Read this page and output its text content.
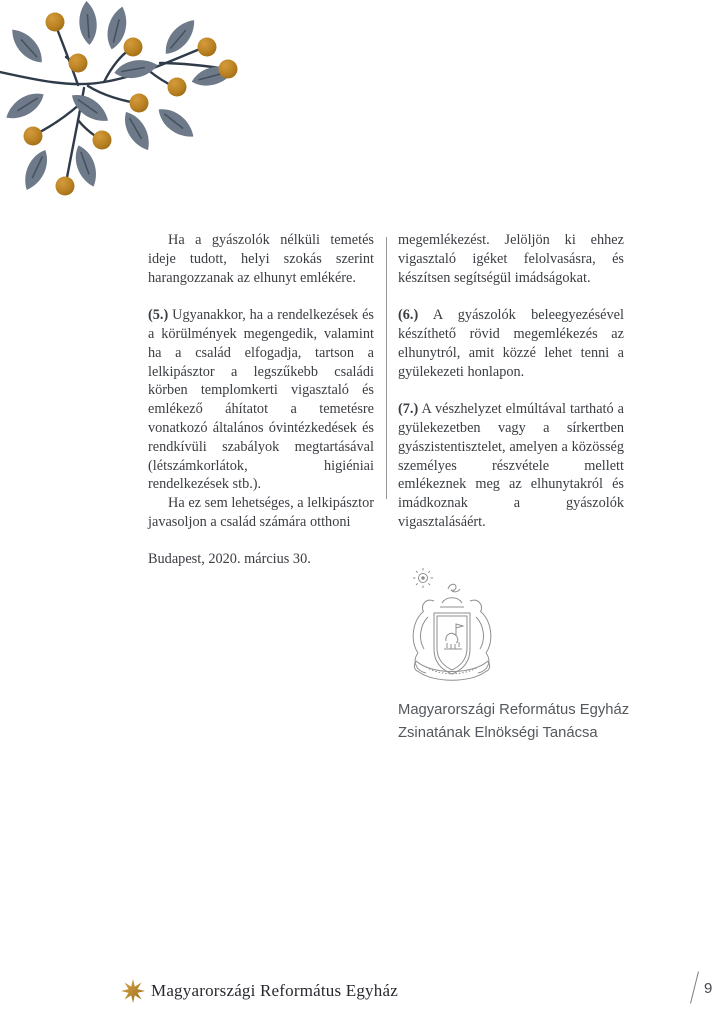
Ha a gyászolók nélküli temetés ideje tudott, helyi szokás szerint harangozzanak az elhunyt emlékére.

(5.) Ugyanakkor, ha a rendelkezések és a körülmények megengedik, valamint ha a család elfogadja, tartson a lelkipásztor a legszűkebb családi körben templomkerti vigasztaló és emlékező áhítatot a temetésre vonatkozó általános óvintézkedések és rendkívüli szabályok megtartásával (létszámkorlátok, higiéniai rendelkezések stb.).

Ha ez sem lehetséges, a lelkipásztor javasoljon a család számára otthoni

Budapest, 2020. március 30.

megemlékezést. Jelöljön ki ehhez vigasztaló igéket felolvasásra, és készítsen segítségül imádságokat.

(6.) A gyászolók beleegyezésével készíthető rövid megemlékezés az elhunytról, amit közzé lehet tenni a gyülekezeti honlapon.

(7.) A vészhelyzet elmúltával tartható a gyülekezetben vagy a sírkertben gyászistentisztelet, amelyen a közösség személyes részvétele mellett emlékeznek meg az elhunytakról és imádkoznak a gyászolók vigasztalásáért.

Magyarországi Református Egyház
Zsinatának Elnökségi Tanácsa
Magyarországi Református Egyház	9
